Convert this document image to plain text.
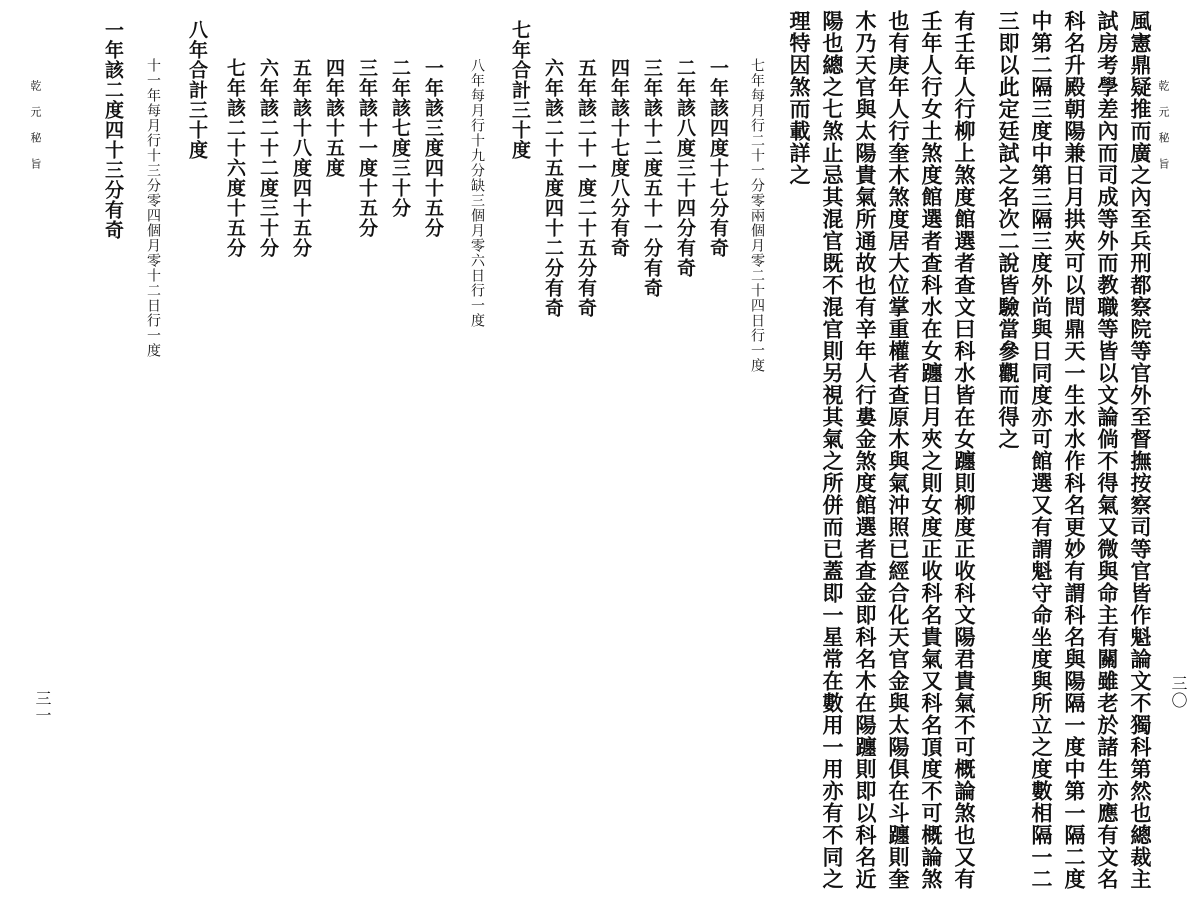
乾 元 秘 旨
三〇
乾 元 秘 旨
三一	風憲鼎疑推而廣之內至兵刑都察院等官外至督撫按察司等官皆作魁論文不獨科第然也總裁主
試房考學差內而司成等外而教職等皆以文論倘不得氣又微與命主有關雖老於諸生亦應有文名
科名升殿朝陽兼日月拱夾可以問鼎天一生水水作科名更妙有謂科名與陽隔一度中第一隔二度
中第二隔三度中第三隔三度外尚與日同度亦可館選又有謂魁守命坐度與所立之度數相隔一二
三即以此定廷試之名次二說皆驗當參觀而得之
有壬年人行柳上煞度館選者查文曰科水皆在女躔則柳度正收科文陽君貴氣不可概論煞也又有
壬年人行女土煞度館選者查科水在女躔日月夾之則女度正收科名貴氣又科名頂度不可概論煞
也有庚年人行奎木煞度居大位掌重權者查原木與氣沖照已經合化天官金與太陽俱在斗躔則奎
木乃天官與太陽貴氣所通故也有辛年人行婁金煞度館選者查金即科名木在陽躔則即以科名近
陽也總之七煞止忌其混官既不混官則另視其氣之所併而已蓋即一星常在數用一用亦有不同之
理特因煞而載詳之
七年每月行二十一分零兩個月零二十四日行一度
一年該四度十七分有奇
二年該八度三十四分有奇
三年該十二度五十一分有奇
四年該十七度八分有奇
五年該二十一度二十五分有奇
六年該二十五度四十二分有奇
七年合計三十度
八年每月行十九分缺三個月零六日行一度
一年該三度四十五分
二年該七度三十分
三年該十一度十五分
四年該十五度
五年該十八度四十五分
六年該二十二度三十分
七年該二十六度十五分
八年合計三十度
十一年每月行十三分零四個月零十二日行一度
一年該二度四十三分有奇
